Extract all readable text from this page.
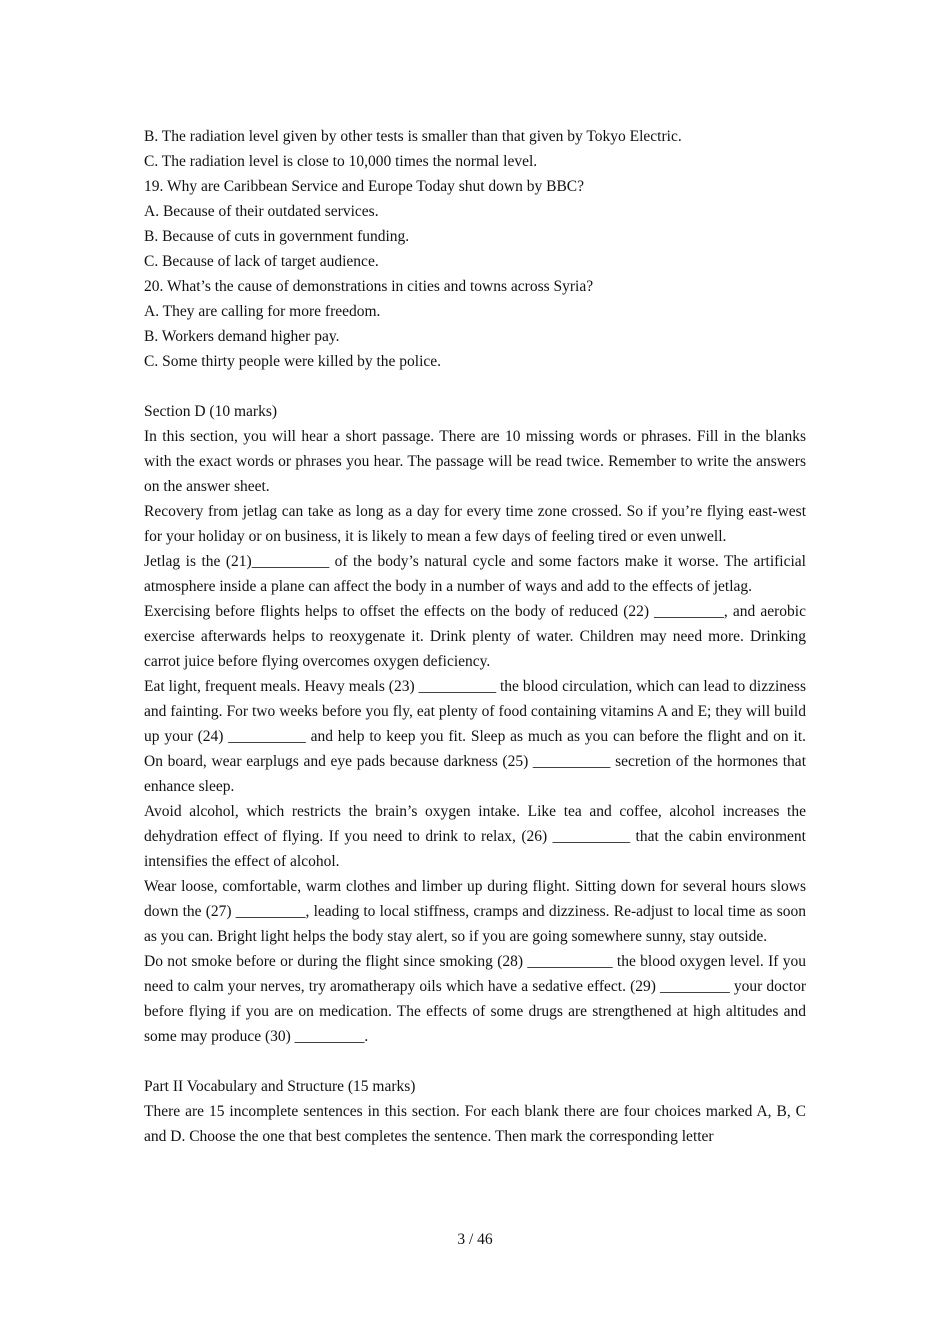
B. The radiation level given by other tests is smaller than that given by Tokyo Electric.
C. The radiation level is close to 10,000 times the normal level.
19. Why are Caribbean Service and Europe Today shut down by BBC?
A. Because of their outdated services.
B. Because of cuts in government funding.
C. Because of lack of target audience.
20. What’s the cause of demonstrations in cities and towns across Syria?
A. They are calling for more freedom.
B. Workers demand higher pay.
C. Some thirty people were killed by the police.
Section D (10 marks)
In this section, you will hear a short passage. There are 10 missing words or phrases. Fill in the blanks with the exact words or phrases you hear. The passage will be read twice. Remember to write the answers on the answer sheet.
Recovery from jetlag can take as long as a day for every time zone crossed. So if you’re flying east-west for your holiday or on business, it is likely to mean a few days of feeling tired or even unwell.
Jetlag is the (21)__________ of the body’s natural cycle and some factors make it worse. The artificial atmosphere inside a plane can affect the body in a number of ways and add to the effects of jetlag.
Exercising before flights helps to offset the effects on the body of reduced (22) _________, and aerobic exercise afterwards helps to reoxygenate it. Drink plenty of water. Children may need more. Drinking carrot juice before flying overcomes oxygen deficiency.
Eat light, frequent meals. Heavy meals (23) __________ the blood circulation, which can lead to dizziness and fainting. For two weeks before you fly, eat plenty of food containing vitamins A and E; they will build up your (24) __________ and help to keep you fit. Sleep as much as you can before the flight and on it. On board, wear earplugs and eye pads because darkness (25) __________ secretion of the hormones that enhance sleep.
Avoid alcohol, which restricts the brain’s oxygen intake. Like tea and coffee, alcohol increases the dehydration effect of flying. If you need to drink to relax, (26) __________ that the cabin environment intensifies the effect of alcohol.
Wear loose, comfortable, warm clothes and limber up during flight. Sitting down for several hours slows down the (27) _________, leading to local stiffness, cramps and dizziness. Re-adjust to local time as soon as you can. Bright light helps the body stay alert, so if you are going somewhere sunny, stay outside.
Do not smoke before or during the flight since smoking (28) ___________ the blood oxygen level. If you need to calm your nerves, try aromatherapy oils which have a sedative effect. (29) _________ your doctor before flying if you are on medication. The effects of some drugs are strengthened at high altitudes and some may produce (30) _________.
Part II Vocabulary and Structure (15 marks)
There are 15 incomplete sentences in this section. For each blank there are four choices marked A, B, C and D. Choose the one that best completes the sentence. Then mark the corresponding letter
3 / 46
